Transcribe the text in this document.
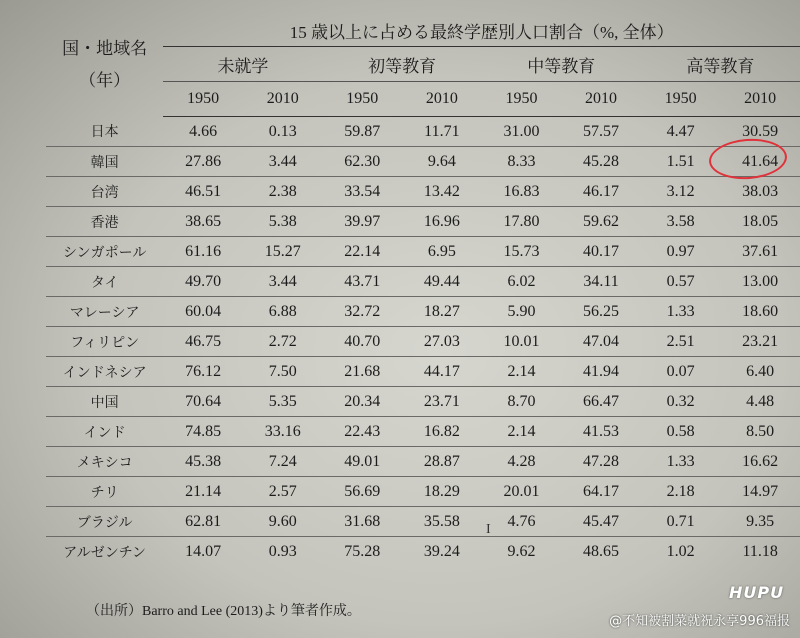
国・地域名
（年）	15 歳以上に占める最終学歴別人口割合（%, 全体）							
	未就学		初等教育		中等教育		高等教育	
	1950	2010	1950	2010	1950	2010	1950	2010
日本	4.66	0.13	59.87	11.71	31.00	57.57	4.47	30.59
韓国	27.86	3.44	62.30	9.64	8.33	45.28	1.51	41.64
台湾	46.51	2.38	33.54	13.42	16.83	46.17	3.12	38.03
香港	38.65	5.38	39.97	16.96	17.80	59.62	3.58	18.05
シンガポール	61.16	15.27	22.14	6.95	15.73	40.17	0.97	37.61
タイ	49.70	3.44	43.71	49.44	6.02	34.11	0.57	13.00
マレーシア	60.04	6.88	32.72	18.27	5.90	56.25	1.33	18.60
フィリピン	46.75	2.72	40.70	27.03	10.01	47.04	2.51	23.21
インドネシア	76.12	7.50	21.68	44.17	2.14	41.94	0.07	6.40
中国	70.64	5.35	20.34	23.71	8.70	66.47	0.32	4.48
インド	74.85	33.16	22.43	16.82	2.14	41.53	0.58	8.50
メキシコ	45.38	7.24	49.01	28.87	4.28	47.28	1.33	16.62
チリ	21.14	2.57	56.69	18.29	20.01	64.17	2.18	14.97
ブラジル	62.81	9.60	31.68	35.58	4.76	45.47	0.71	9.35
アルゼンチン	14.07	0.93	75.28	39.24	9.62	48.65	1.02	11.18
I
（出所）Barro and Lee (2013)より筆者作成。
HUPU
@不知被割菜就祝永享996福报
